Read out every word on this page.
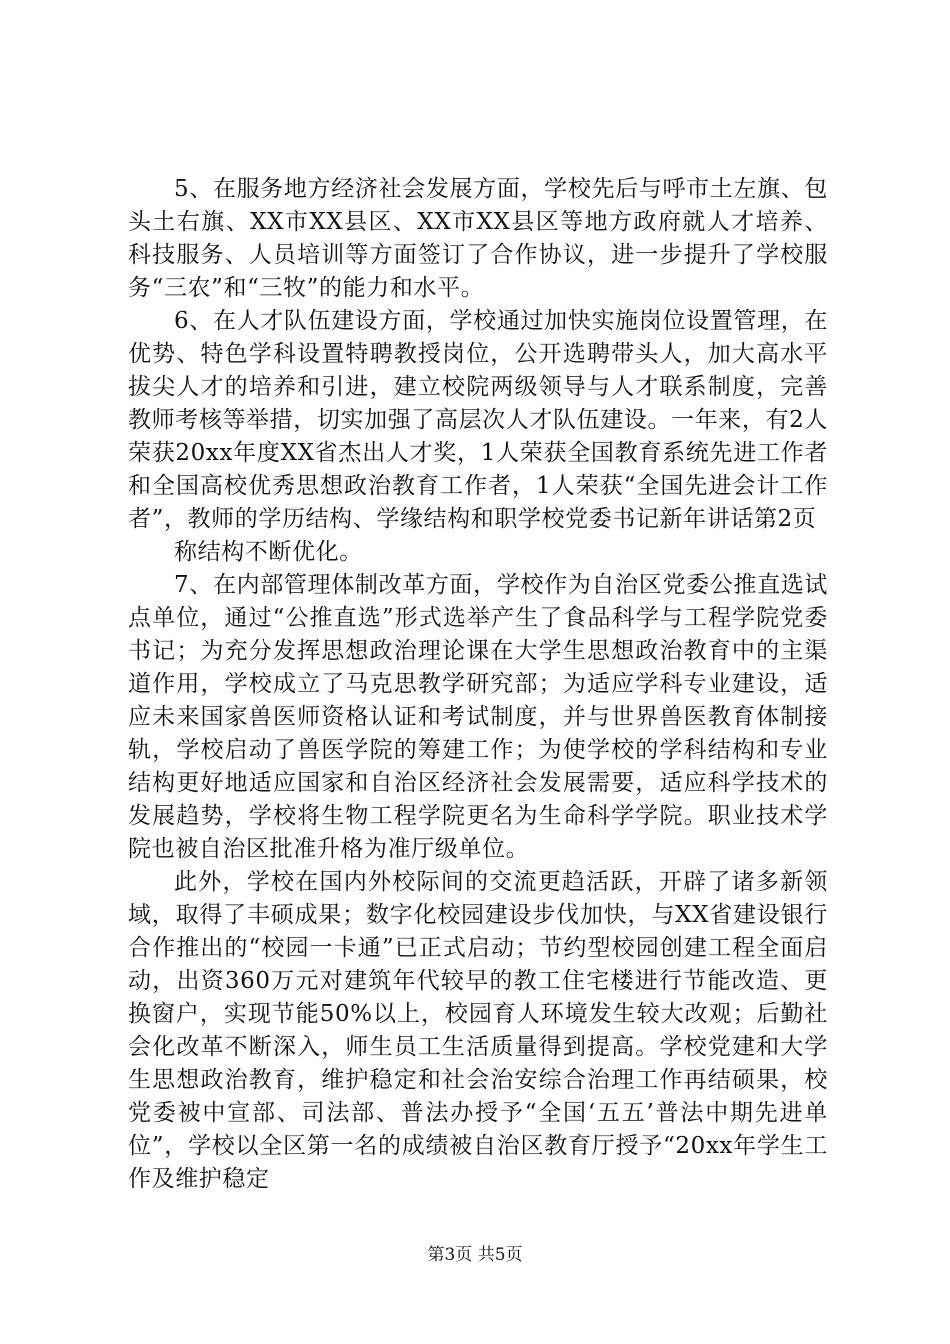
5、在服务地方经济社会发展方面，学校先后与呼市土左旗、包头土右旗、XX市XX县区、XX市XX县区等地方政府就人才培养、科技服务、人员培训等方面签订了合作协议，进一步提升了学校服务“三农”和“三牧”的能力和水平。

6、在人才队伍建设方面，学校通过加快实施岗位设置管理，在优势、特色学科设置特聘教授岗位，公开选聘带头人，加大高水平拔尖人才的培养和引进，建立校院两级领导与人才联系制度，完善教师考核等举措，切实加强了高层次人才队伍建设。一年来，有2人荣获20xx年度XX省杰出人才奖，1人荣获全国教育系统先进工作者和全国高校优秀思想政治教育工作者，1人荣获“全国先进会计工作者”，教师的学历结构、学缘结构和职学校党委书记新年讲话第2页

称结构不断优化。

7、在内部管理体制改革方面，学校作为自治区党委公推直选试点单位，通过“公推直选”形式选举产生了食品科学与工程学院党委书记；为充分发挥思想政治理论课在大学生思想政治教育中的主渠道作用，学校成立了马克思教学研究部；为适应学科专业建设，适应未来国家兽医师资格认证和考试制度，并与世界兽医教育体制接轨，学校启动了兽医学院的筹建工作；为使学校的学科结构和专业结构更好地适应国家和自治区经济社会发展需要，适应科学技术的发展趋势，学校将生物工程学院更名为生命科学学院。职业技术学院也被自治区批准升格为准厅级单位。

此外，学校在国内外校际间的交流更趋活跃，开辟了诸多新领域，取得了丰硕成果；数字化校园建设步伐加快，与XX省建设银行合作推出的“校园一卡通”已正式启动；节约型校园创建工程全面启动，出资360万元对建筑年代较早的教工住宅楼进行节能改造、更换窗户，实现节能50%以上，校园育人环境发生较大改观；后勤社会化改革不断深入，师生员工生活质量得到提高。学校党建和大学生思想政治教育，维护稳定和社会治安综合治理工作再结硕果，校党委被中宣部、司法部、普法办授予“全国‘五五’普法中期先进单位”，学校以全区第一名的成绩被自治区教育厅授予“20xx年学生工作及维护稳定

第3页 共5页
